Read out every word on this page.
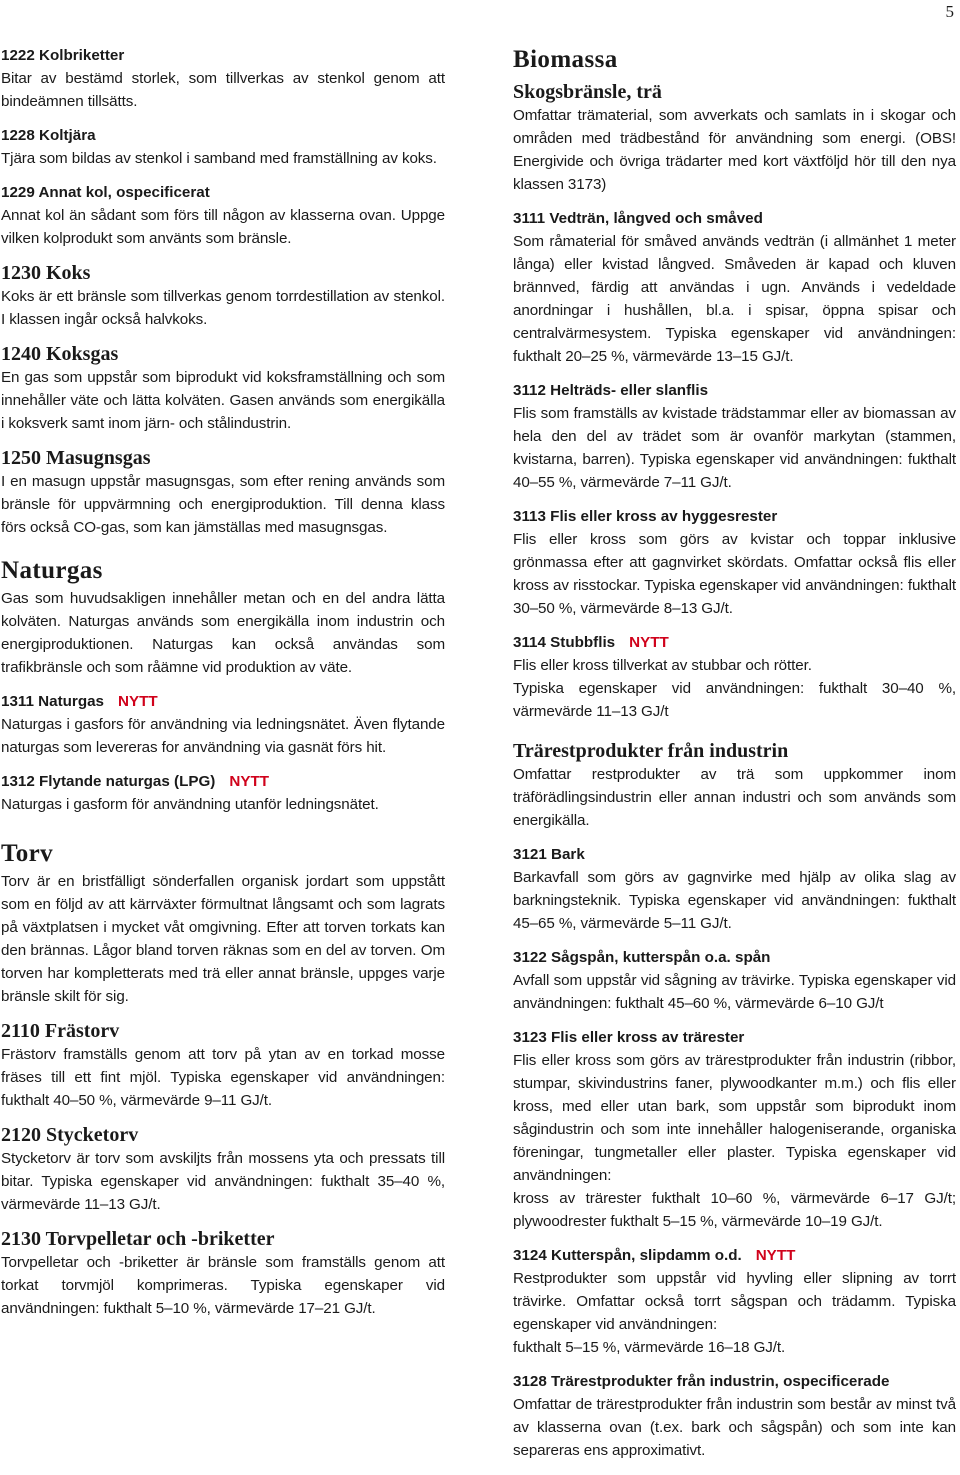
5
1222 Kolbriketter

Bitar av bestämd storlek, som tillverkas av stenkol genom att bindeämnen tillsätts.

1228 Koltjära

Tjära som bildas av stenkol i samband med framställning av koks.

1229 Annat kol, ospecificerat

Annat kol än sådant som förs till någon av klasserna ovan. Uppge vilken kolprodukt som använts som bränsle.

1230 Koks

Koks är ett bränsle som tillverkas genom torrdestillation av stenkol. I klassen ingår också halvkoks.

1240 Koksgas

En gas som uppstår som biprodukt vid koksframställning och som innehåller väte och lätta kolväten. Gasen används som energikälla i koksverk samt inom järn- och stålindustrin.

1250 Masugnsgas

I en masugn uppstår masugnsgas, som efter rening används som bränsle för uppvärmning och energiproduktion. Till denna klass förs också CO-gas, som kan jämställas med masugnsgas.

Naturgas

Gas som huvudsakligen innehåller metan och en del andra lätta kolväten. Naturgas används som energikälla inom industrin och energiproduktionen. Naturgas kan också användas som trafikbränsle och som råämne vid produktion av väte.

1311 Naturgas NYTT

Naturgas i gasfors för användning via ledningsnätet. Även flytande naturgas som levereras for användning via gasnät förs hit.

1312 Flytande naturgas (LPG) NYTT

Naturgas i gasform för användning utanför ledningsnätet.

Torv

Torv är en bristfälligt sönderfallen organisk jordart som uppstått som en följd av att kärrväxter förmultnat långsamt och som lagrats på växtplatsen i mycket våt omgivning. Efter att torven torkats kan den brännas. Lågor bland torven räknas som en del av torven. Om torven har kompletterats med trä eller annat bränsle, uppges varje bränsle skilt för sig.

2110 Frästorv

Frästorv framställs genom att torv på ytan av en torkad mosse fräses till ett fint mjöl. Typiska egenskaper vid användningen: fukthalt 40–50 %, värmevärde 9–11 GJ/t.

2120 Stycketorv

Stycketorv är torv som avskiljts från mossens yta och pressats till bitar. Typiska egenskaper vid användningen: fukthalt 35–40 %, värmevärde 11–13 GJ/t.

2130 Torvpelletar och -briketter

Torvpelletar och -briketter är bränsle som framställs genom att torkat torvmjöl komprimeras. Typiska egenskaper vid användningen: fukthalt 5–10 %, värmevärde 17–21 GJ/t.

Biomassa
Skogsbränsle, trä

Omfattar trämaterial, som avverkats och samlats in i skogar och områden med trädbestånd för användning som energi. (OBS! Energivide och övriga trädarter med kort växtföljd hör till den nya klassen 3173)

3111 Vedträn, långved och småved

Som råmaterial för småved används vedträn (i allmänhet 1 meter långa) eller kvistad långved. Småveden är kapad och kluven brännved, färdig att användas i ugn. Används i vedeldade anordningar i hushållen, bl.a. i spisar, öppna spisar och centralvärmesystem. Typiska egenskaper vid användningen: fukthalt 20–25 %, värmevärde 13–15 GJ/t.

3112 Helträds- eller slanflis

Flis som framställs av kvistade trädstammar eller av biomassan av hela den del av trädet som är ovanför markytan (stammen, kvistarna, barren). Typiska egenskaper vid användningen: fukthalt 40–55 %, värmevärde 7–11 GJ/t.

3113 Flis eller kross av hyggesrester

Flis eller kross som görs av kvistar och toppar inklusive grönmassa efter att gagnvirket skördats. Omfattar också flis eller kross av risstockar. Typiska egenskaper vid användningen: fukthalt 30–50 %, värmevärde 8–13 GJ/t.

3114 Stubbflis NYTT

Flis eller kross tillverkat av stubbar och rötter.

Typiska egenskaper vid användningen: fukthalt 30–40 %, värmevärde 11–13 GJ/t

Trärestprodukter från industrin

Omfattar restprodukter av trä som uppkommer inom träförädlingsindustrin eller annan industri och som används som energikälla.

3121 Bark

Barkavfall som görs av gagnvirke med hjälp av olika slag av barkningsteknik. Typiska egenskaper vid användningen: fukthalt 45–65 %, värmevärde 5–11 GJ/t.

3122 Sågspån, kutterspån o.a. spån

Avfall som uppstår vid sågning av trävirke. Typiska egenskaper vid användningen: fukthalt 45–60 %, värmevärde 6–10 GJ/t

3123 Flis eller kross av trärester

Flis eller kross som görs av trärestprodukter från industrin (ribbor, stumpar, skivindustrins faner, plywoodkanter m.m.) och flis eller kross, med eller utan bark, som uppstår som biprodukt inom sågindustrin och som inte innehåller halogeniserande, organiska föreningar, tungmetaller eller plaster. Typiska egenskaper vid användningen:

kross av trärester fukthalt 10–60 %, värmevärde 6–17 GJ/t; plywoodrester fukthalt 5–15 %, värmevärde 10–19 GJ/t.

3124 Kutterspån, slipdamm o.d. NYTT

Restprodukter som uppstår vid hyvling eller slipning av torrt trävirke. Omfattar också torrt sågspan och trädamm. Typiska egenskaper vid användningen:

fukthalt 5–15 %, värmevärde 16–18 GJ/t.

3128 Trärestprodukter från industrin, ospecificerade

Omfattar de trärestprodukter från industrin som består av minst två av klasserna ovan (t.ex. bark och sågspån) och som inte kan separeras ens approximativt.
